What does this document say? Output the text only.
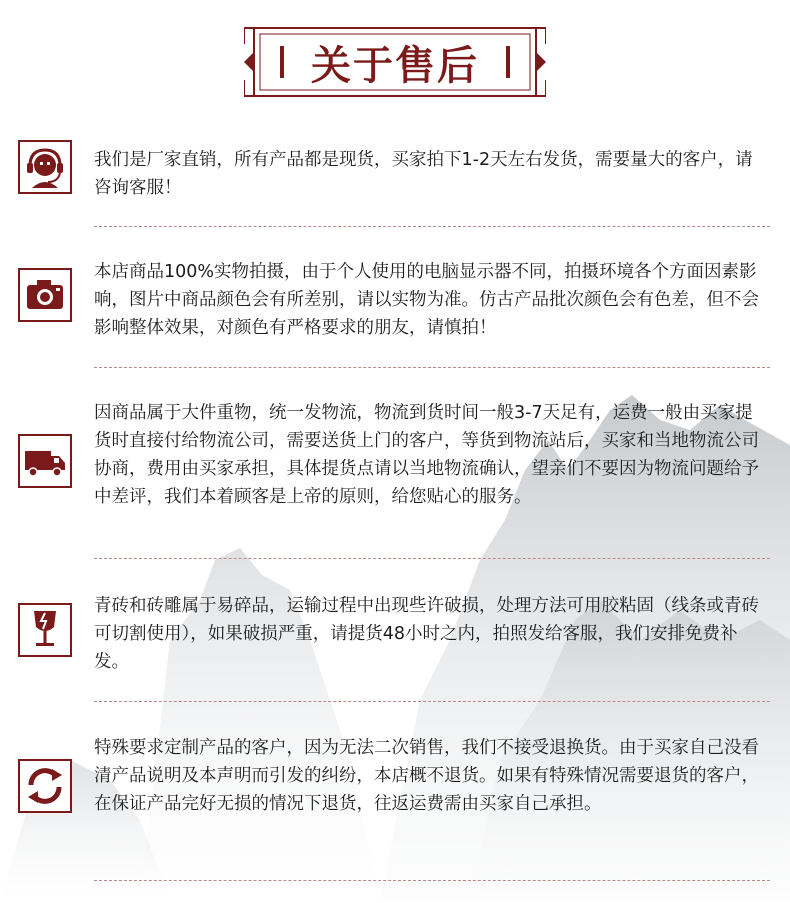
关于售后

我们是厂家直销，所有产品都是现货，买家拍下1-2天左右发货，需要量大的客户，请咨询客服！

本店商品100%实物拍摄，由于个人使用的电脑显示器不同，拍摄环境各个方面因素影响，图片中商品颜色会有所差别，请以实物为准。仿古产品批次颜色会有色差，但不会影响整体效果，对颜色有严格要求的朋友，请慎拍！

因商品属于大件重物，统一发物流，物流到货时间一般3-7天足有，运费一般由买家提货时直接付给物流公司，需要送货上门的客户，等货到物流站后，买家和当地物流公司协商，费用由买家承担，具体提货点请以当地物流确认，望亲们不要因为物流问题给予中差评，我们本着顾客是上帝的原则，给您贴心的服务。

青砖和砖雕属于易碎品，运输过程中出现些许破损，处理方法可用胶粘固（线条或青砖可切割使用），如果破损严重，请提货48小时之内，拍照发给客服，我们安排免费补发。

特殊要求定制产品的客户，因为无法二次销售，我们不接受退换货。由于买家自己没看清产品说明及本声明而引发的纠纷，本店概不退货。如果有特殊情况需要退货的客户，在保证产品完好无损的情况下退货，往返运费需由买家自己承担。
